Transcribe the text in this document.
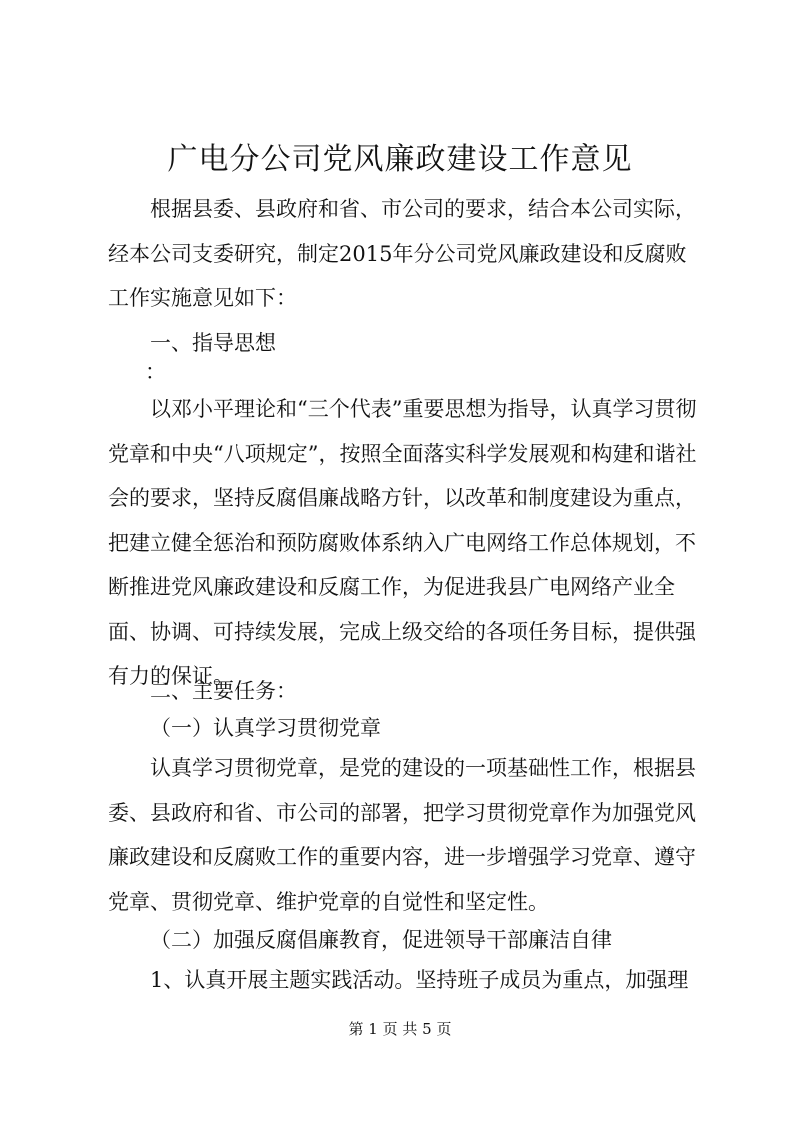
广电分公司党风廉政建设工作意见

根据县委、县政府和省、市公司的要求，结合本公司实际，经本公司支委研究，制定2015年分公司党风廉政建设和反腐败工作实施意见如下：

一、指导思想
：

以邓小平理论和“三个代表”重要思想为指导，认真学习贯彻党章和中央“八项规定”，按照全面落实科学发展观和构建和谐社会的要求，坚持反腐倡廉战略方针，以改革和制度建设为重点，把建立健全惩治和预防腐败体系纳入广电网络工作总体规划，不断推进党风廉政建设和反腐工作，为促进我县广电网络产业全面、协调、可持续发展，完成上级交给的各项任务目标，提供强有力的保证。

二、主要任务：
（一）认真学习贯彻党章

认真学习贯彻党章，是党的建设的一项基础性工作，根据县委、县政府和省、市公司的部署，把学习贯彻党章作为加强党风廉政建设和反腐败工作的重要内容，进一步增强学习党章、遵守党章、贯彻党章、维护党章的自觉性和坚定性。

（二）加强反腐倡廉教育，促进领导干部廉洁自律
1、认真开展主题实践活动。坚持班子成员为重点，加强理
第 1 页 共 5 页
